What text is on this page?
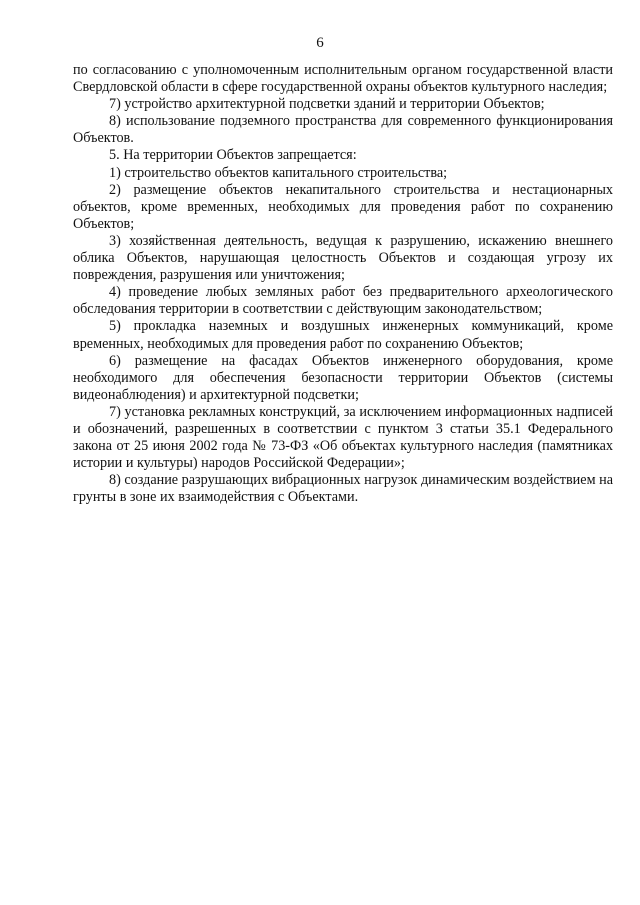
6

по согласованию с уполномоченным исполнительным органом государственной власти Свердловской области в сфере государственной охраны объектов культурного наследия;

7) устройство архитектурной подсветки зданий и территории Объектов;

8) использование подземного пространства для современного функционирования Объектов.

5. На территории Объектов запрещается:

1) строительство объектов капитального строительства;

2) размещение объектов некапитального строительства и нестационарных объектов, кроме временных, необходимых для проведения работ по сохранению Объектов;

3) хозяйственная деятельность, ведущая к разрушению, искажению внешнего облика Объектов, нарушающая целостность Объектов и создающая угрозу их повреждения, разрушения или уничтожения;

4) проведение любых земляных работ без предварительного археологического обследования территории в соответствии с действующим законодательством;

5) прокладка наземных и воздушных инженерных коммуникаций, кроме временных, необходимых для проведения работ по сохранению Объектов;

6) размещение на фасадах Объектов инженерного оборудования, кроме необходимого для обеспечения безопасности территории Объектов (системы видеонаблюдения) и архитектурной подсветки;

7) установка рекламных конструкций, за исключением информационных надписей и обозначений, разрешенных в соответствии с пунктом 3 статьи 35.1 Федерального закона от 25 июня 2002 года № 73-ФЗ «Об объектах культурного наследия (памятниках истории и культуры) народов Российской Федерации»;

8) создание разрушающих вибрационных нагрузок динамическим воздействием на грунты в зоне их взаимодействия с Объектами.
